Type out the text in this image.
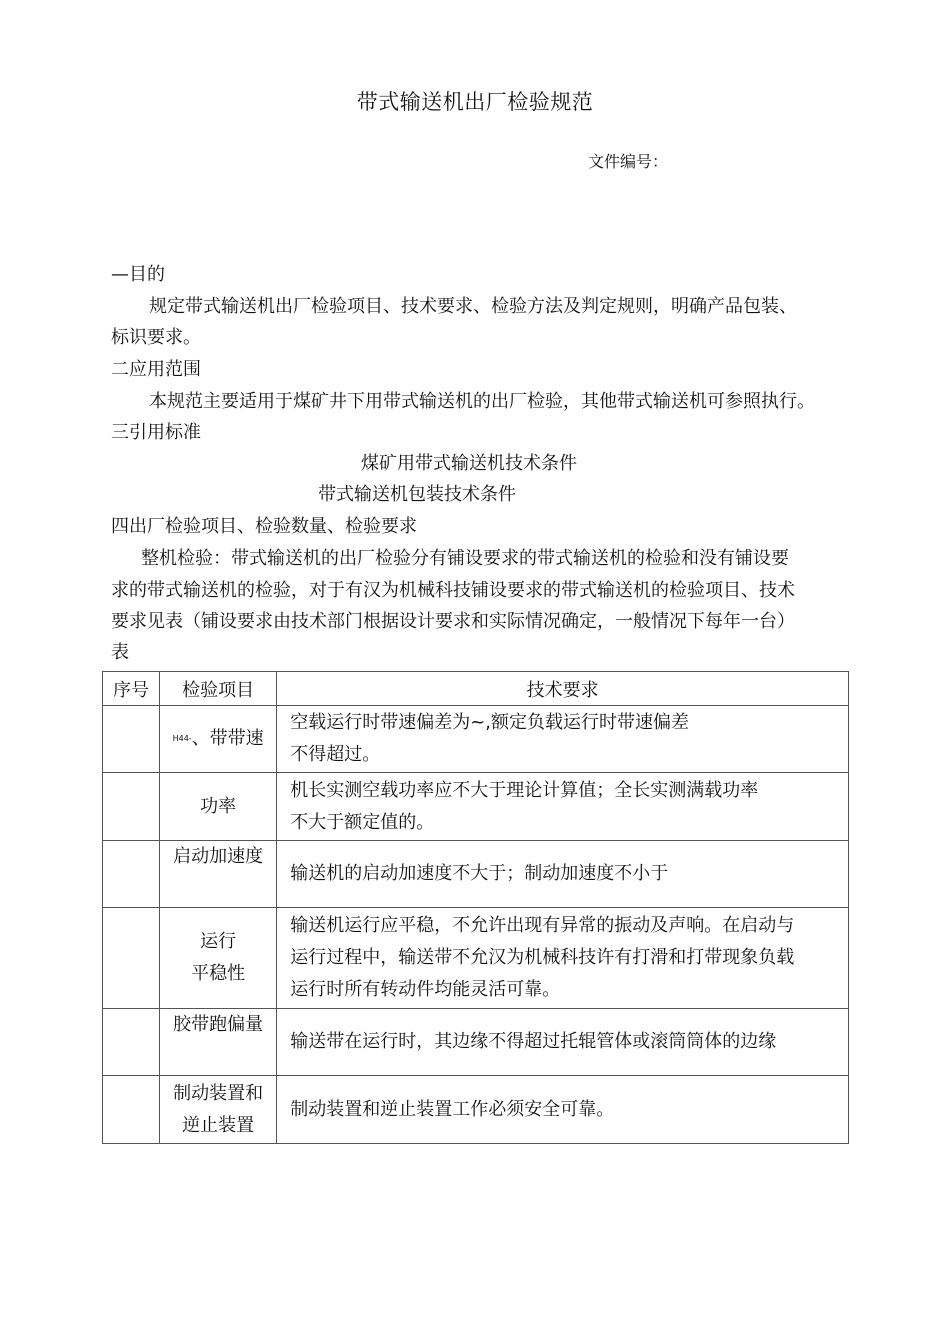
带式输送机出厂检验规范
文件编号：
—目的
规定带式输送机出厂检验项目、技术要求、检验方法及判定规则，明确产品包装、
标识要求。
二应用范围
本规范主要适用于煤矿井下用带式输送机的出厂检验，其他带式输送机可参照执行。
三引用标准
煤矿用带式输送机技术条件
带式输送机包装技术条件
四出厂检验项目、检验数量、检验要求
整机检验：带式输送机的出厂检验分有铺设要求的带式输送机的检验和没有铺设要
求的带式输送机的检验，对于有汉为机械科技铺设要求的带式输送机的检验项目、技术
要求见表（铺设要求由技术部门根据设计要求和实际情况确定，一般情况下每年一台）
表
序号	检验项目	技术要求
	H44-、带带速	空载运行时带速偏差为~,额定负载运行时带速偏差
不得超过。

	功率	机长实测空载功率应不大于理论计算值；全长实测满载功率
不大于额定值的。

	启动加速度	输送机的启动加速度不大于；制动加速度不小于

	运行
平稳性	输送机运行应平稳，不允许出现有异常的振动及声响。在启动与
运行过程中，输送带不允汉为机械科技许有打滑和打带现象负载
运行时所有转动件均能灵活可靠。

	胶带跑偏量	输送带在运行时，其边缘不得超过托辊管体或滚筒筒体的边缘

	制动装置和
逆止装置	制动装置和逆止装置工作必须安全可靠。
